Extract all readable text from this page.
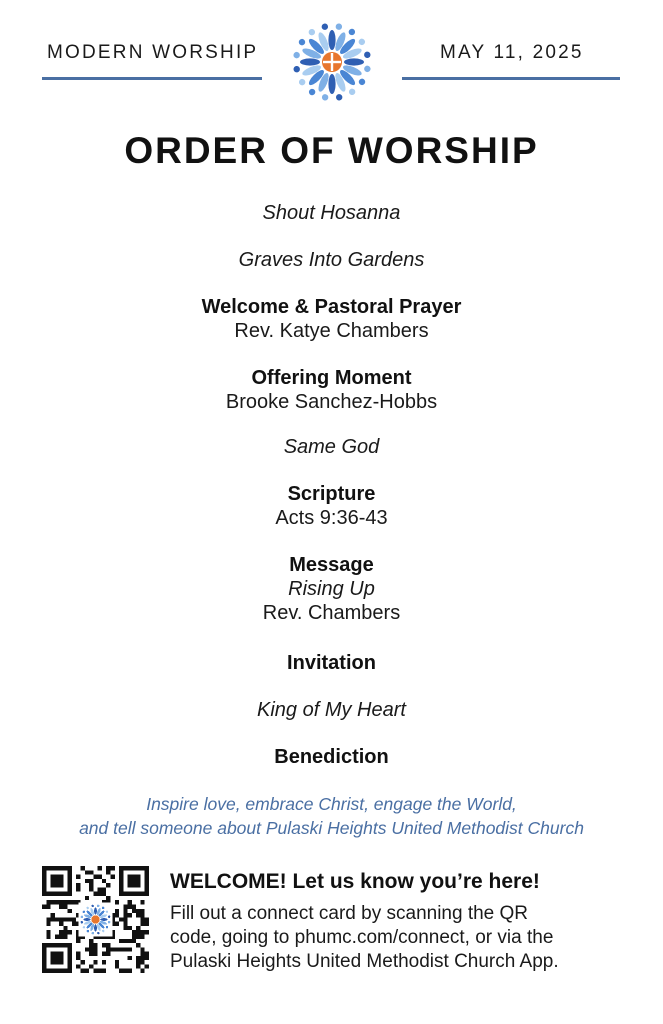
MODERN WORSHIP	MAY 11, 2025
ORDER OF WORSHIP
Shout Hosanna
Graves Into Gardens
Welcome & Pastoral Prayer
Rev. Katye Chambers
Offering Moment
Brooke Sanchez-Hobbs
Same God
Scripture
Acts 9:36-43
Message
Rising Up
Rev. Chambers
Invitation
King of My Heart
Benediction
Inspire love, embrace Christ, engage the World,
and tell someone about Pulaski Heights United Methodist Church
WELCOME! Let us know you’re here!
Fill out a connect card by scanning the QR
code, going to phumc.com/connect, or via the
Pulaski Heights United Methodist Church App.
